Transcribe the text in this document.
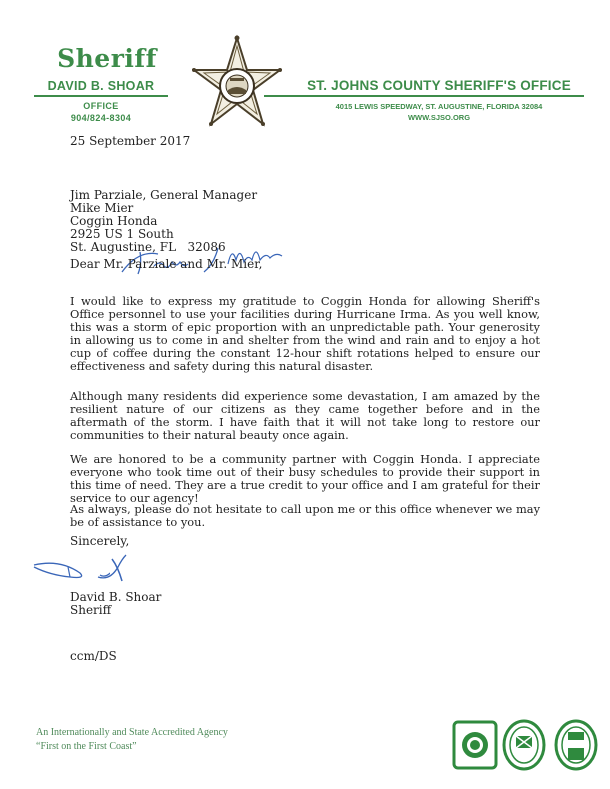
Sheriff
DAVID B. SHOAR
OFFICE
904/824-8304
ST. JOHNS COUNTY SHERIFF'S OFFICE
4015 LEWIS SPEEDWAY, ST. AUGUSTINE, FLORIDA 32084
WWW.SJSO.ORG
25 September 2017
Jim Parziale, General Manager
Mike Mier
Coggin Honda
2925 US 1 South
St. Augustine, FL   32086
Dear Mr. Parziale and Mr. Mier,
I would like to express my gratitude to Coggin Honda for allowing Sheriff's Office personnel to use your facilities during Hurricane Irma. As you well know, this was a storm of epic proportion with an unpredictable path. Your generosity in allowing us to come in and shelter from the wind and rain and to enjoy a hot cup of coffee during the constant 12-hour shift rotations helped to ensure our effectiveness and safety during this natural disaster.
Although many residents did experience some devastation, I am amazed by the resilient nature of our citizens as they came together before and in the aftermath of the storm. I have faith that it will not take long to restore our communities to their natural beauty once again.
We are honored to be a community partner with Coggin Honda. I appreciate everyone who took time out of their busy schedules to provide their support in this time of need. They are a true credit to your office and I am grateful for their service to our agency!
As always, please do not hesitate to call upon me or this office whenever we may be of assistance to you.
Sincerely,
David B. Shoar
Sheriff
ccm/DS
An Internationally and State Accredited Agency
“First on the First Coast”
